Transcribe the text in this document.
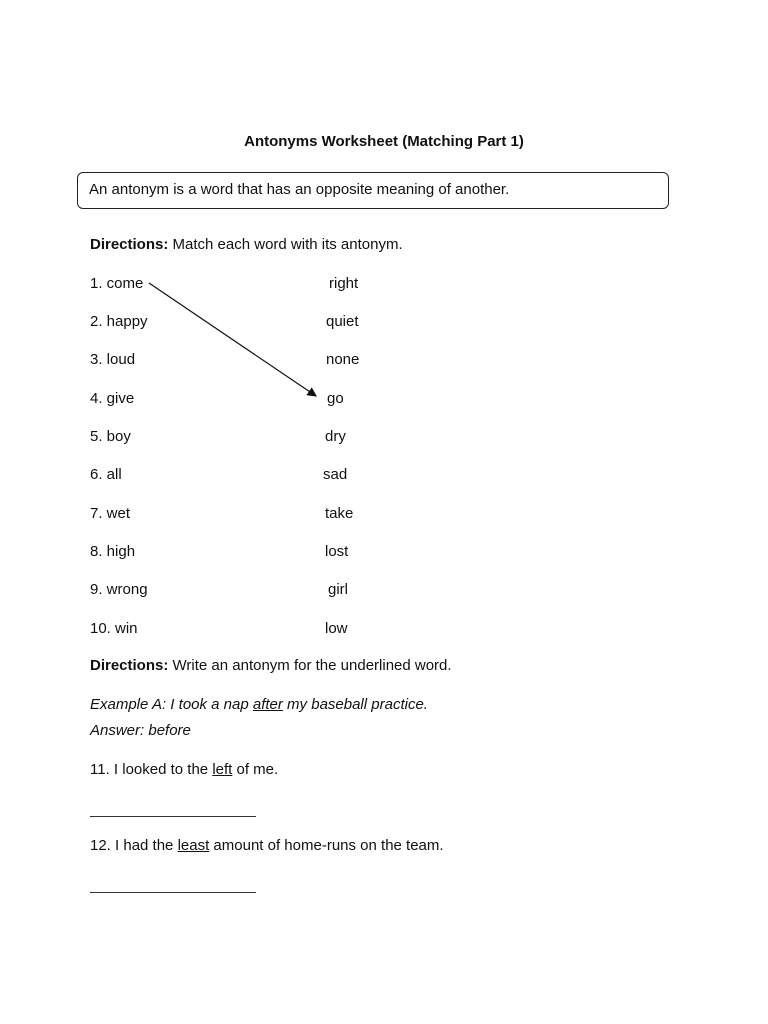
Antonyms Worksheet (Matching Part 1)
An antonym is a word that has an opposite meaning of another.
Directions: Match each word with its antonym.
1. come
2. happy
3. loud
4. give
5. boy
6. all
7. wet
8. high
9. wrong
10. win
right
quiet
none
go
dry
sad
take
lost
girl
low
Directions: Write an antonym for the underlined word.
Example A: I took a nap after my baseball practice.
Answer: before
11. I looked to the left of me.
12. I had the least amount of home-runs on the team.
